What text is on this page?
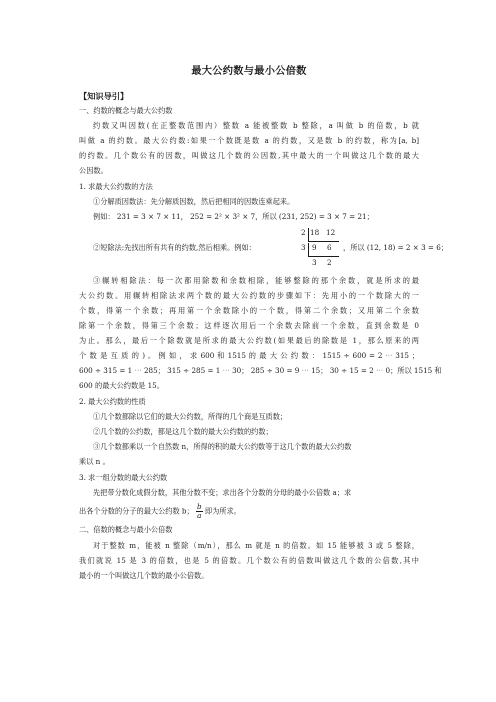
最大公约数与最小公倍数
【知识导引】
一、约数的概念与最大公约数
约数又叫因数(在正整数范围内）整数 a 能被整数 b 整除，a 叫做 b 的倍数，b 就
叫做 a 的约数。最大公约数:如果一个数既是数 a 的约数，又是数 b 的约数，称为[a, b]
的约数。几个数公有的因数，叫做这几个数的公因数,其中最大的一个叫做这几个数的最大
公因数。
1. 求最大公约数的方法
①分解质因数法：先分解质因数，然后把相同的因数连乘起来。
例如： 231 = 3 × 7 × 11， 252 = 2² × 3² × 7，所以 (231, 252) = 3 × 7 = 21；
2 18 12
3 9 6
3 2
②短除法:先找出所有共有的约数,然后相乘。例如：	，所以 (12, 18) = 2 × 3 = 6；
③辗转相除法：每一次都用除数和余数相除，能够整除的那个余数，就是所求的最
大公约数。用辗转相除法求两个数的最大公约数的步骤如下：先用小的一个数除大的一
个数，得第一个余数；再用第一个余数除小的一个数，得第二个余数；又用第二个余数
除第一个余数，得第三个余数；这样逐次用后一个余数去除前一个余数，直到余数是 0
为止。那么，最后一个除数就是所求的最大公约数(如果最后的除数是 1，那么原来的两
个 数 是 互 质 的 ) 。 例 如 ， 求 600 和 1515 的 最 大 公 约 数 ： 1515 ÷ 600 = 2 ⋯ 315 ；
600 ÷ 315 = 1 ⋯ 285； 315 ÷ 285 = 1 ⋯ 30； 285 ÷ 30 = 9 ⋯ 15； 30 ÷ 15 = 2 ⋯ 0；所以 1515 和
600 的最大公约数是 15。
2. 最大公约数的性质
①几个数都除以它们的最大公约数，所得的几个商是互质数；
②几个数的公约数，都是这几个数的最大公约数的约数；
③几个数都乘以一个自然数 n，所得的积的最大公约数等于这几个数的最大公约数
乘以 n 。
3. 求一组分数的最大公约数
先把带分数化成假分数，其他分数不变；求出各个分数的分母的最小公倍数 a；求
出各个分数的分子的最大公约数 b； $\frac{b}{a}$ 即为所求。
二、倍数的概念与最小公倍数
对于整数 m，能被 n 整除（m/n），那么 m 就是 n 的倍数。如 15 能够被 3 或 5 整除，
我们就说 15 是 3 的倍数，也是 5 的倍数。几个数公有的倍数叫做这几个数的公倍数,其中
最小的一个叫做这几个数的最小公倍数。
